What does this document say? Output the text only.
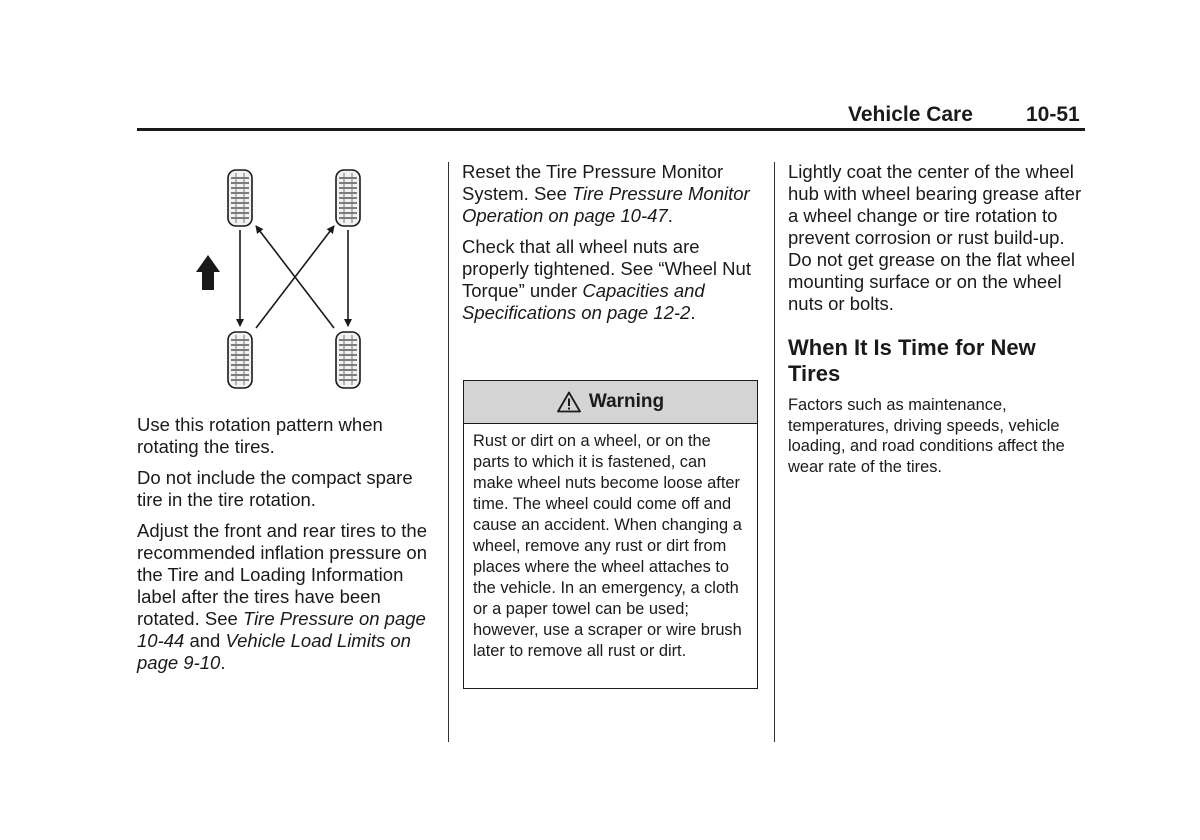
Vehicle Care	10-51

Use this rotation pattern when rotating the tires.

Do not include the compact spare tire in the tire rotation.

Adjust the front and rear tires to the recommended inflation pressure on the Tire and Loading Information label after the tires have been rotated. See Tire Pressure on page 10-44 and Vehicle Load Limits on page 9-10.

Reset the Tire Pressure Monitor System. See Tire Pressure Monitor Operation on page 10-47.

Check that all wheel nuts are properly tightened. See “Wheel Nut Torque” under Capacities and Specifications on page 12-2.

Warning
Rust or dirt on a wheel, or on the parts to which it is fastened, can make wheel nuts become loose after time. The wheel could come off and cause an accident. When changing a wheel, remove any rust or dirt from places where the wheel attaches to the vehicle. In an emergency, a cloth or a paper towel can be used; however, use a scraper or wire brush later to remove all rust or dirt.

Lightly coat the center of the wheel hub with wheel bearing grease after a wheel change or tire rotation to prevent corrosion or rust build-up. Do not get grease on the flat wheel mounting surface or on the wheel nuts or bolts.

When It Is Time for New Tires

Factors such as maintenance, temperatures, driving speeds, vehicle loading, and road conditions affect the wear rate of the tires.
